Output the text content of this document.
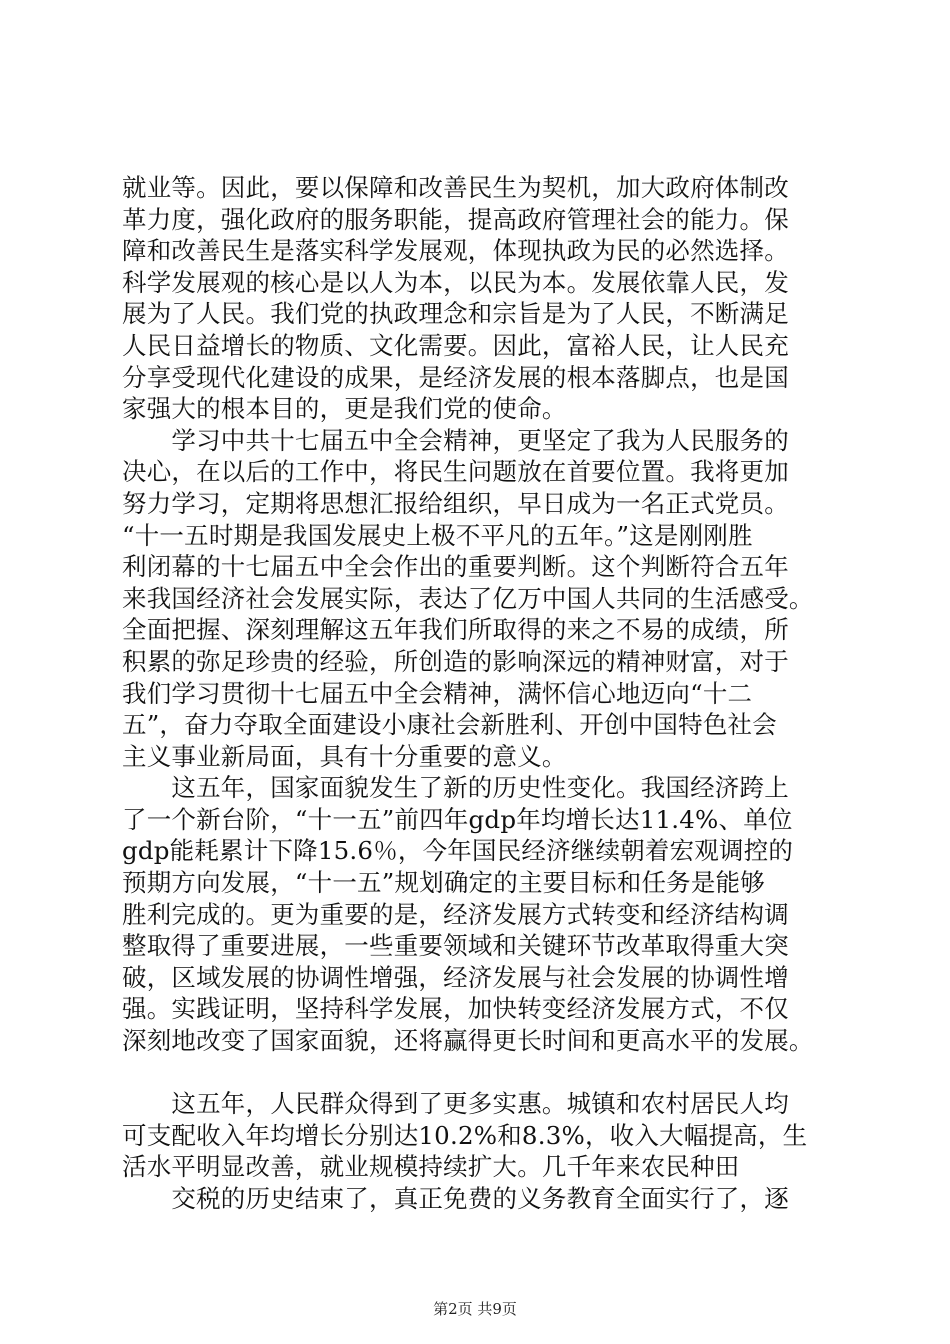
就业等。因此，要以保障和改善民生为契机，加大政府体制改
革力度，强化政府的服务职能，提高政府管理社会的能力。保
障和改善民生是落实科学发展观，体现执政为民的必然选择。
科学发展观的核心是以人为本，以民为本。发展依靠人民，发
展为了人民。我们党的执政理念和宗旨是为了人民，不断满足
人民日益增长的物质、文化需要。因此，富裕人民，让人民充
分享受现代化建设的成果，是经济发展的根本落脚点，也是国
家强大的根本目的，更是我们党的使命。
　　学习中共十七届五中全会精神，更坚定了我为人民服务的
决心，在以后的工作中，将民生问题放在首要位置。我将更加
努力学习，定期将思想汇报给组织，早日成为一名正式党员。
“十一五时期是我国发展史上极不平凡的五年。”这是刚刚胜
利闭幕的十七届五中全会作出的重要判断。这个判断符合五年
来我国经济社会发展实际，表达了亿万中国人共同的生活感受。
全面把握、深刻理解这五年我们所取得的来之不易的成绩，所
积累的弥足珍贵的经验，所创造的影响深远的精神财富，对于
我们学习贯彻十七届五中全会精神，满怀信心地迈向“十二
五”，奋力夺取全面建设小康社会新胜利、开创中国特色社会
主义事业新局面，具有十分重要的意义。
　　这五年，国家面貌发生了新的历史性变化。我国经济跨上
了一个新台阶，“十一五”前四年gdp年均增长达11.4%、单位
gdp能耗累计下降15.6％，今年国民经济继续朝着宏观调控的
预期方向发展，“十一五”规划确定的主要目标和任务是能够
胜利完成的。更为重要的是，经济发展方式转变和经济结构调
整取得了重要进展，一些重要领域和关键环节改革取得重大突
破，区域发展的协调性增强，经济发展与社会发展的协调性增
强。实践证明，坚持科学发展，加快转变经济发展方式，不仅
深刻地改变了国家面貌，还将赢得更长时间和更高水平的发展。
　　这五年，人民群众得到了更多实惠。城镇和农村居民人均
可支配收入年均增长分别达10.2%和8.3%，收入大幅提高，生
活水平明显改善，就业规模持续扩大。几千年来农民种田
　　交税的历史结束了，真正免费的义务教育全面实行了，逐
第2页 共9页
